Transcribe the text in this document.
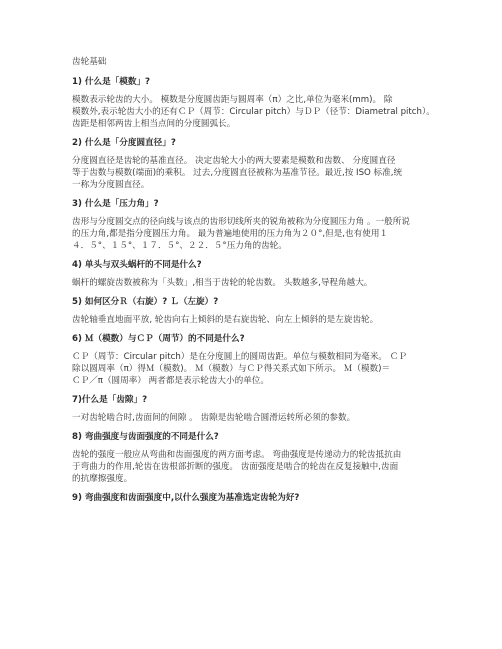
齿轮基础
1) 什么是「模数」?
模数表示轮齿的大小。 模数是分度圆齿距与圆周率（π）之比,单位为毫米(mm)。 除
模数外,表示轮齿大小的还有ＣＰ（周节：Circular pitch）与ＤＰ（径节：Diametral pitch）。
齿距是相邻两齿上相当点间的分度圆弧长。
2) 什么是「分度圆直径」?
分度圆直径是齿轮的基准直径。 决定齿轮大小的两大要素是模数和齿数、 分度圆直径
等于齿数与模数(端面)的乘积。 过去,分度圆直径被称为基准节径。最近,按 ISO 标准,统
一称为分度圆直径。
3) 什么是「压力角」?
齿形与分度圆交点的径向线与该点的齿形切线所夹的锐角被称为分度圆压力角 。一般所说
的压力角,都是指分度圆压力角。 最为普遍地使用的压力角为２０°,但是,也有使用１
４．５°、１５°、１７．５°、２２．５°压力角的齿轮。
4) 单头与双头蜗杆的不同是什么?
蜗杆的螺旋齿数被称为「头数」,相当于齿轮的轮齿数。 头数越多,导程角越大。
5) 如何区分Ｒ（右旋）? Ｌ（左旋）?
齿轮轴垂直地面平放, 轮齿向右上倾斜的是右旋齿轮、向左上倾斜的是左旋齿轮。
6) Ｍ（模数）与ＣＰ（周节）的不同是什么?
ＣＰ（周节：Circular pitch）是在分度圆上的圆周齿距。单位与模数相同为毫米。 ＣＰ
除以圆周率（π）得Ｍ（模数)。 Ｍ（模数）与ＣＰ得关系式如下所示。 Ｍ（模数)＝
ＣＰ／π（圆周率） 两者都是表示轮齿大小的单位。
7)什么是「齿隙」?
一对齿轮啮合时,齿面间的间隙 。 齿隙是齿轮啮合圆滑运转所必须的参数。
8) 弯曲强度与齿面强度的不同是什么?
齿轮的强度一般应从弯曲和齿面强度的两方面考虑。 弯曲强度是传递动力的轮齿抵抗由
于弯曲力的作用,轮齿在齿根部折断的强度。 齿面强度是啮合的轮齿在反复接触中,齿面
的抗摩擦强度。
9) 弯曲强度和齿面强度中,以什么强度为基准选定齿轮为好?
